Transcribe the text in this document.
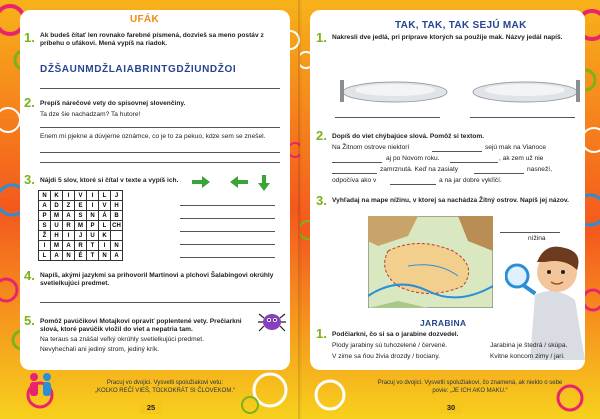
UFÁK
1. Ak budeš čítať len rovnako farebné písmená, dozvieš sa meno postáv z príbehu o ufákovi. Mená vypíš na riadok.
DŽŠAUNMDŽLAIABRINTGDŽIUNDŽOI
2. Prepíš nárečové vety do spisovnej slovenčiny.
Ta dze šie nachadzam? Ta hutore!
Enem mi pjekne a dúvjerne oznámce, co je to za pekuo, kdze sem se znešel.
3. Nájdi 5 slov, ktoré si čítal v texte a vypíš ich.
N	K	I	V	I	L	J
A	D	Z	E	I	V	H
P	M	A	S	N	Á	B
S	U	R	M	P	L	CH
Ž	H	I	J	U	K	
I	M	A	R	T	I	N
L	A	N	É	T	N	A
4. Napíš, akými jazykmi sa prihovoril Martinovi a plchovi Šalabingovi okrúhly svetielkujúci predmet.
5. Pomôž pavúčikovi Motajkovi opraviť poplentené vety. Prečiarkni slová, ktoré pavúčik vložil do viet a nepatria tam.
Na teraus sa znášal veľký okrúhly svetielkujúci predmet.
Nevyhechali ani jediný strom, jediný krík.
Pracuj vo dvojici. Vysvetli spolužiakovi vetu:
„KOĽKO REČÍ VIEŠ, TOĽKOKRÁT SI ČLOVEKOM.“
25
TAK, TAK, TAK SEJÚ MAK
1. Nakresli dve jedlá, pri príprave ktorých sa použije mak. Názvy jedál napíš.
2. Dopíš do viet chýbajúce slová. Pomôž si textom.
Na Žitnom ostrove niektorí	sejú mak na Vianoce
aj po Novom roku.	, ak zem už nie
zamrznutá. Keď na zasiaty	nasneží,
odpočíva ako v	a na jar dobre vykľičí.
3. Vyhľadaj na mape nížinu, v ktorej sa nachádza Žitný ostrov. Napíš jej názov.
nížina
JARABINA
1. Podčiarkni, čo si sa o jarabine dozvedel.
Plody jarabiny sú tuhozelené / červené.	Jarabina je štedrá / skúpa.
V zime sa ňou živia drozdy / bociany.	Kvitne koncom zimy / jari.
Pracuj vo dvojici. Vysvetli spolužiakovi, čo znamená, ak niekto o sebe
povie: „JE ICH AKO MAKU.“
30
